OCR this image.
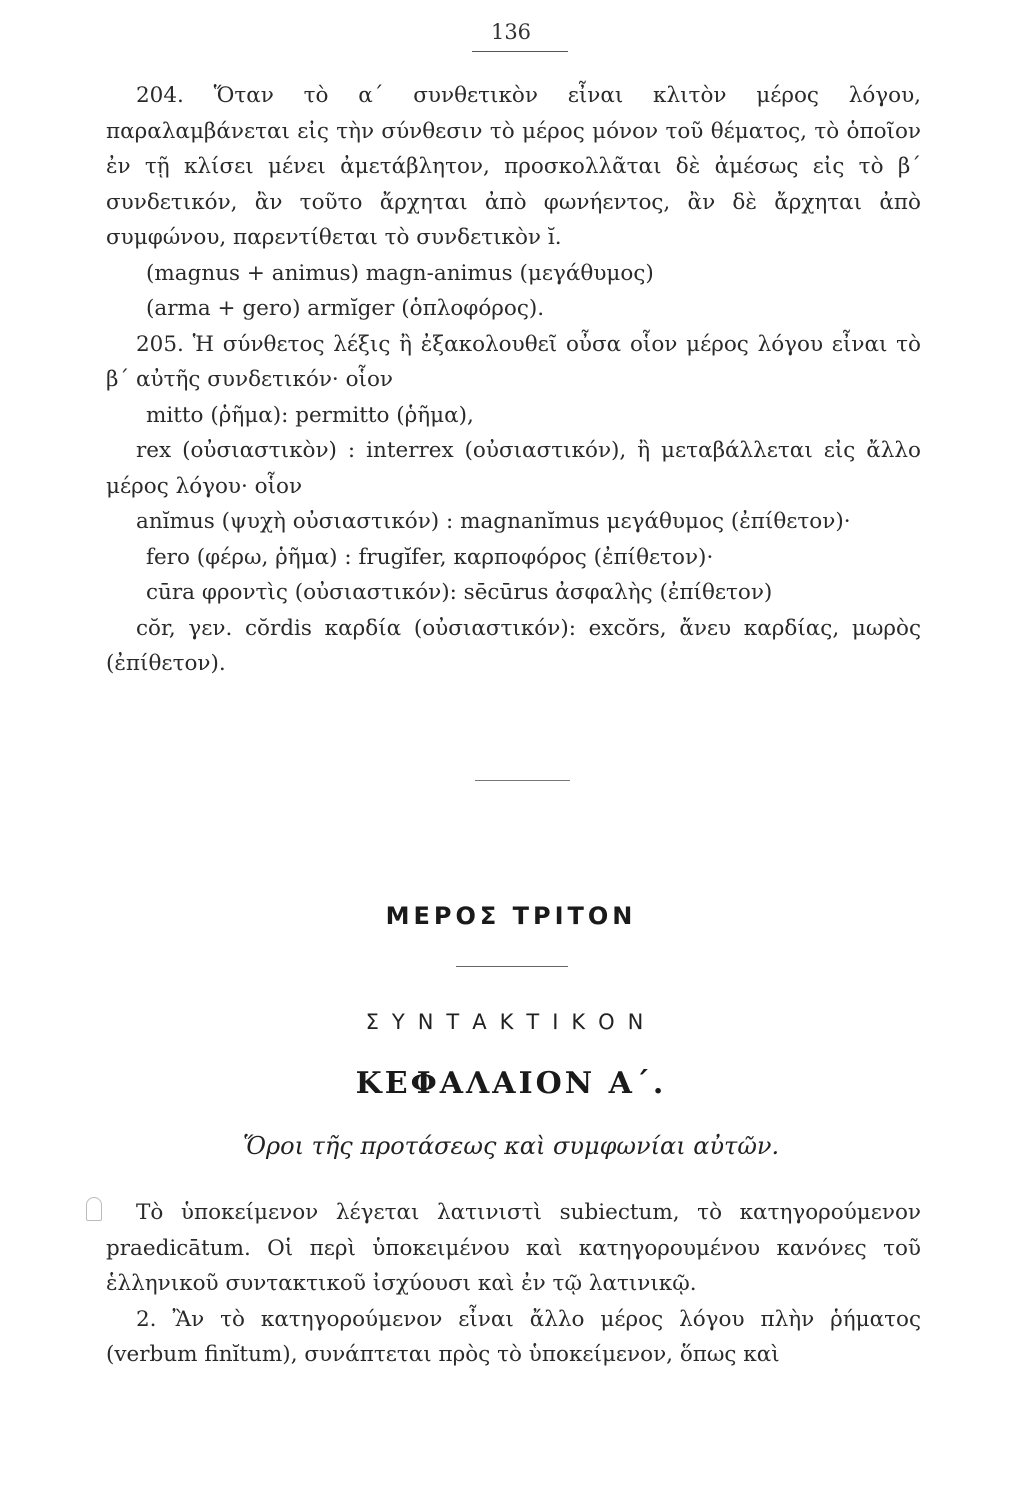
136

204. Ὅταν τὸ α΄ συνθετικὸν εἶναι κλιτὸν μέρος λόγου, παραλαμβάνεται εἰς τὴν σύνθεσιν τὸ μέρος μόνον τοῦ θέματος, τὸ ὁποῖον ἐν τῇ κλίσει μένει ἀμετάβλητον, προσκολλᾶται δὲ ἀμέσως εἰς τὸ β΄ συνδετικόν, ἂν τοῦτο ἄρχηται ἀπὸ φωνήεντος, ἂν δὲ ἄρχηται ἀπὸ συμφώνου, παρεντίθεται τὸ συνδετικὸν ĭ.

(magnus + animus) magn-animus (μεγάθυμος)

(arma + gero) armĭger (ὁπλοφόρος).

205. Ἡ σύνθετος λέξις ἢ ἐξακολουθεῖ οὖσα οἷον μέρος λόγου εἶναι τὸ β΄ αὐτῆς συνδετικόν· οἷον

mitto (ῥῆμα): permitto (ῥῆμα),

rex (οὐσιαστικὸν) : interrex (οὐσιαστικόν), ἢ μεταβάλλεται εἰς ἄλλο μέρος λόγου· οἷον

anĭmus (ψυχὴ οὐσιαστικόν) : magnanĭmus μεγάθυμος (ἐπίθετον)·

fero (φέρω, ῥῆμα) : frugĭfer, καρποφόρος (ἐπίθετον)·

cūra φροντὶς (οὐσιαστικόν): sēcūrus ἀσφαλὴς (ἐπίθετον)

cŏr, γεν. cŏrdis καρδία (οὐσιαστικόν): excŏrs, ἄνευ καρδίας, μωρὸς (ἐπίθετον).

ΜΕΡΟΣ ΤΡΙΤΟΝ
ΣΥΝΤΑΚΤΙΚΟΝ
ΚΕΦΑΛΑΙΟΝ Α΄.
Ὅροι τῆς προτάσεως καὶ συμφωνίαι αὐτῶν.

Τὸ ὑποκείμενον λέγεται λατινιστὶ subiectum, τὸ κατηγορούμενον praedicātum. Οἱ περὶ ὑποκειμένου καὶ κατηγορουμένου κανόνες τοῦ ἑλληνικοῦ συντακτικοῦ ἰσχύουσι καὶ ἐν τῷ λατινικῷ.

2. Ἂν τὸ κατηγορούμενον εἶναι ἄλλο μέρος λόγου πλὴν ῥήματος (verbum finĭtum), συνάπτεται πρὸς τὸ ὑποκείμενον, ὅπως καὶ
